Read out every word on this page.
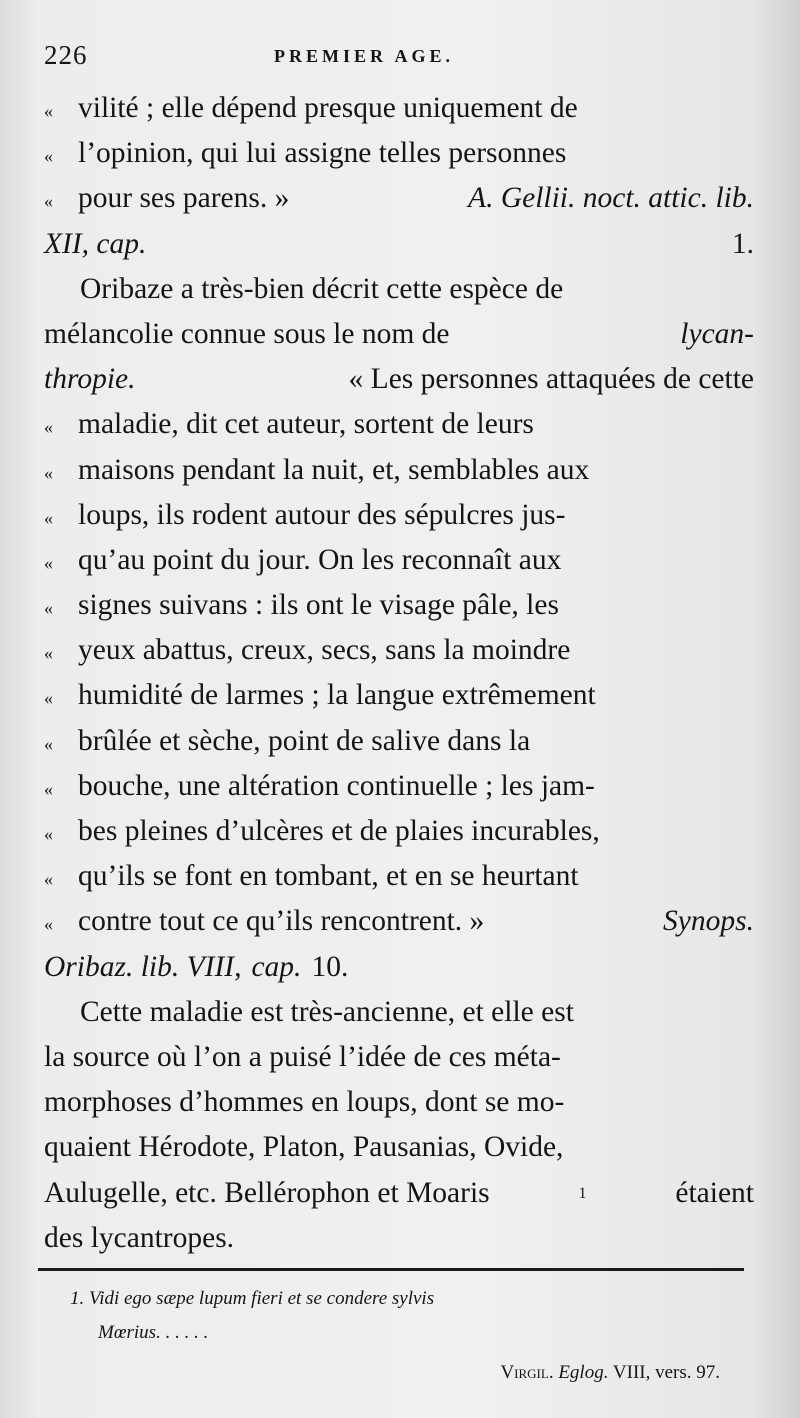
226	PREMIER AGE.
« vilité ; elle dépend presque uniquement de
« l’opinion, qui lui assigne telles personnes
« pour ses parens. »	A. Gellii. noct. attic. lib.
XII, cap.	1.
Oribaze a très-bien décrit cette espèce de
mélancolie connue sous le nom de	lycan-
thropie.	« Les personnes attaquées de cette
« maladie, dit cet auteur, sortent de leurs
« maisons pendant la nuit, et, semblables aux
« loups, ils rodent autour des sépulcres jus-
« qu’au point du jour. On les reconnaît aux
« signes suivans : ils ont le visage pâle, les
« yeux abattus, creux, secs, sans la moindre
« humidité de larmes ; la langue extrêmement
« brûlée et sèche, point de salive dans la
« bouche, une altération continuelle ; les jam-
« bes pleines d’ulcères et de plaies incurables,
« qu’ils se font en tombant, et en se heurtant
« contre tout ce qu’ils rencontrent. »	Synops.
Oribaz. lib. VIII, cap. 10.
Cette maladie est très-ancienne, et elle est
la source où l’on a puisé l’idée de ces méta-
morphoses d’hommes en loups, dont se mo-
quaient Hérodote, Platon, Pausanias, Ovide,
Aulugelle, etc. Bellérophon et Moaris	1	étaient
des lycantropes.
1. Vidi ego sæpe lupum fieri et se condere sylvis
Mœrius. . . . . .
Virgil. Eglog. VIII, vers. 97.
